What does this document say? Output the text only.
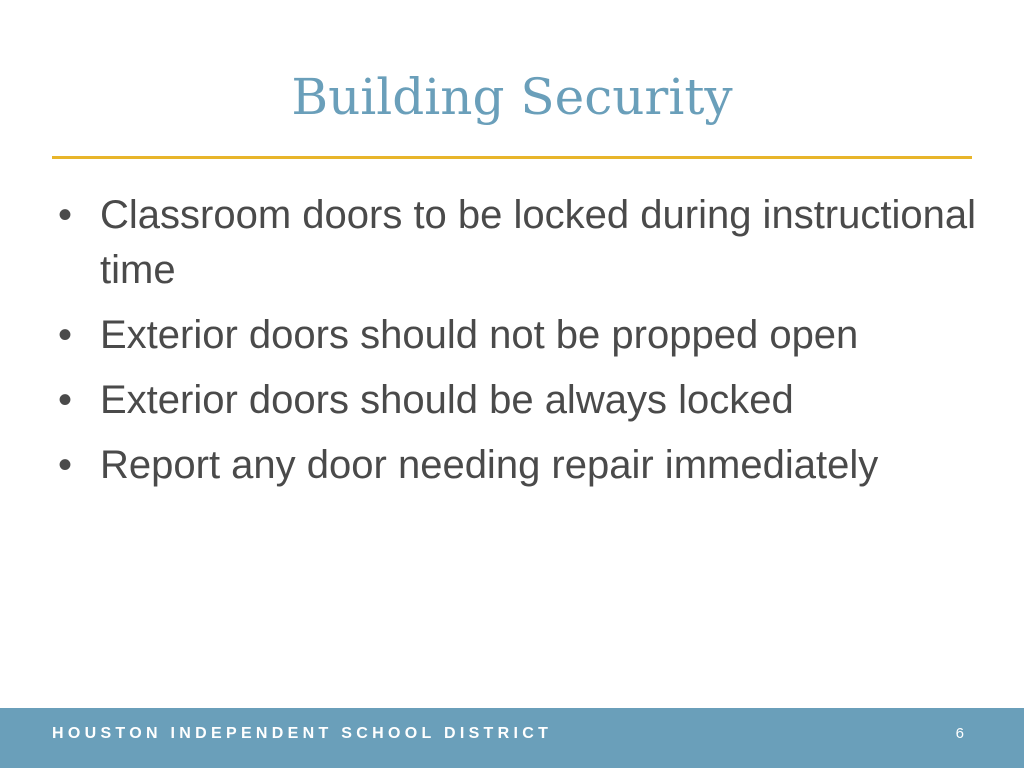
Building Security
• Classroom doors to be locked during instructional time
• Exterior doors should not be propped open
• Exterior doors should be always locked
• Report any door needing repair immediately
HOUSTON INDEPENDENT SCHOOL DISTRICT	6
